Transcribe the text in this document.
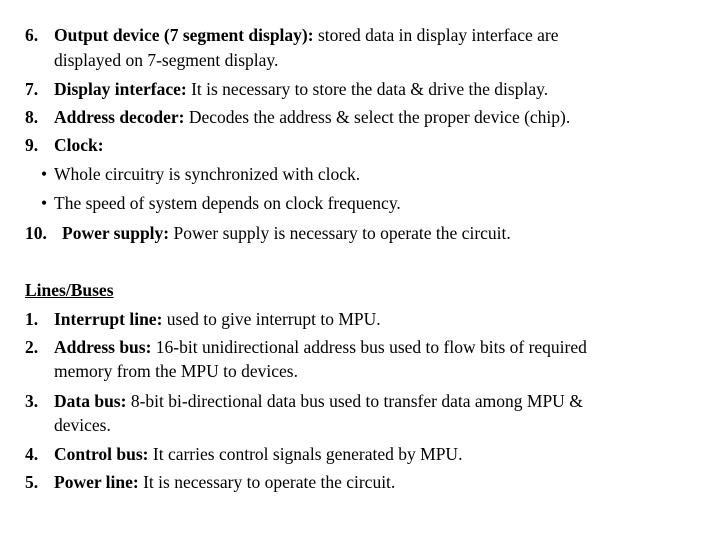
6. Output device (7 segment display): stored data in display interface are
displayed on 7-segment display.
7. Display interface: It is necessary to store the data & drive the display.
8. Address decoder: Decodes the address & select the proper device (chip).
9. Clock:
• Whole circuitry is synchronized with clock.
• The speed of system depends on clock frequency.
10. Power supply: Power supply is necessary to operate the circuit.
Lines/Buses
1. Interrupt line: used to give interrupt to MPU.
2. Address bus: 16-bit unidirectional address bus used to flow bits of required
memory from the MPU to devices.
3. Data bus: 8-bit bi-directional data bus used to transfer data among MPU &
devices.
4. Control bus: It carries control signals generated by MPU.
5. Power line: It is necessary to operate the circuit.
